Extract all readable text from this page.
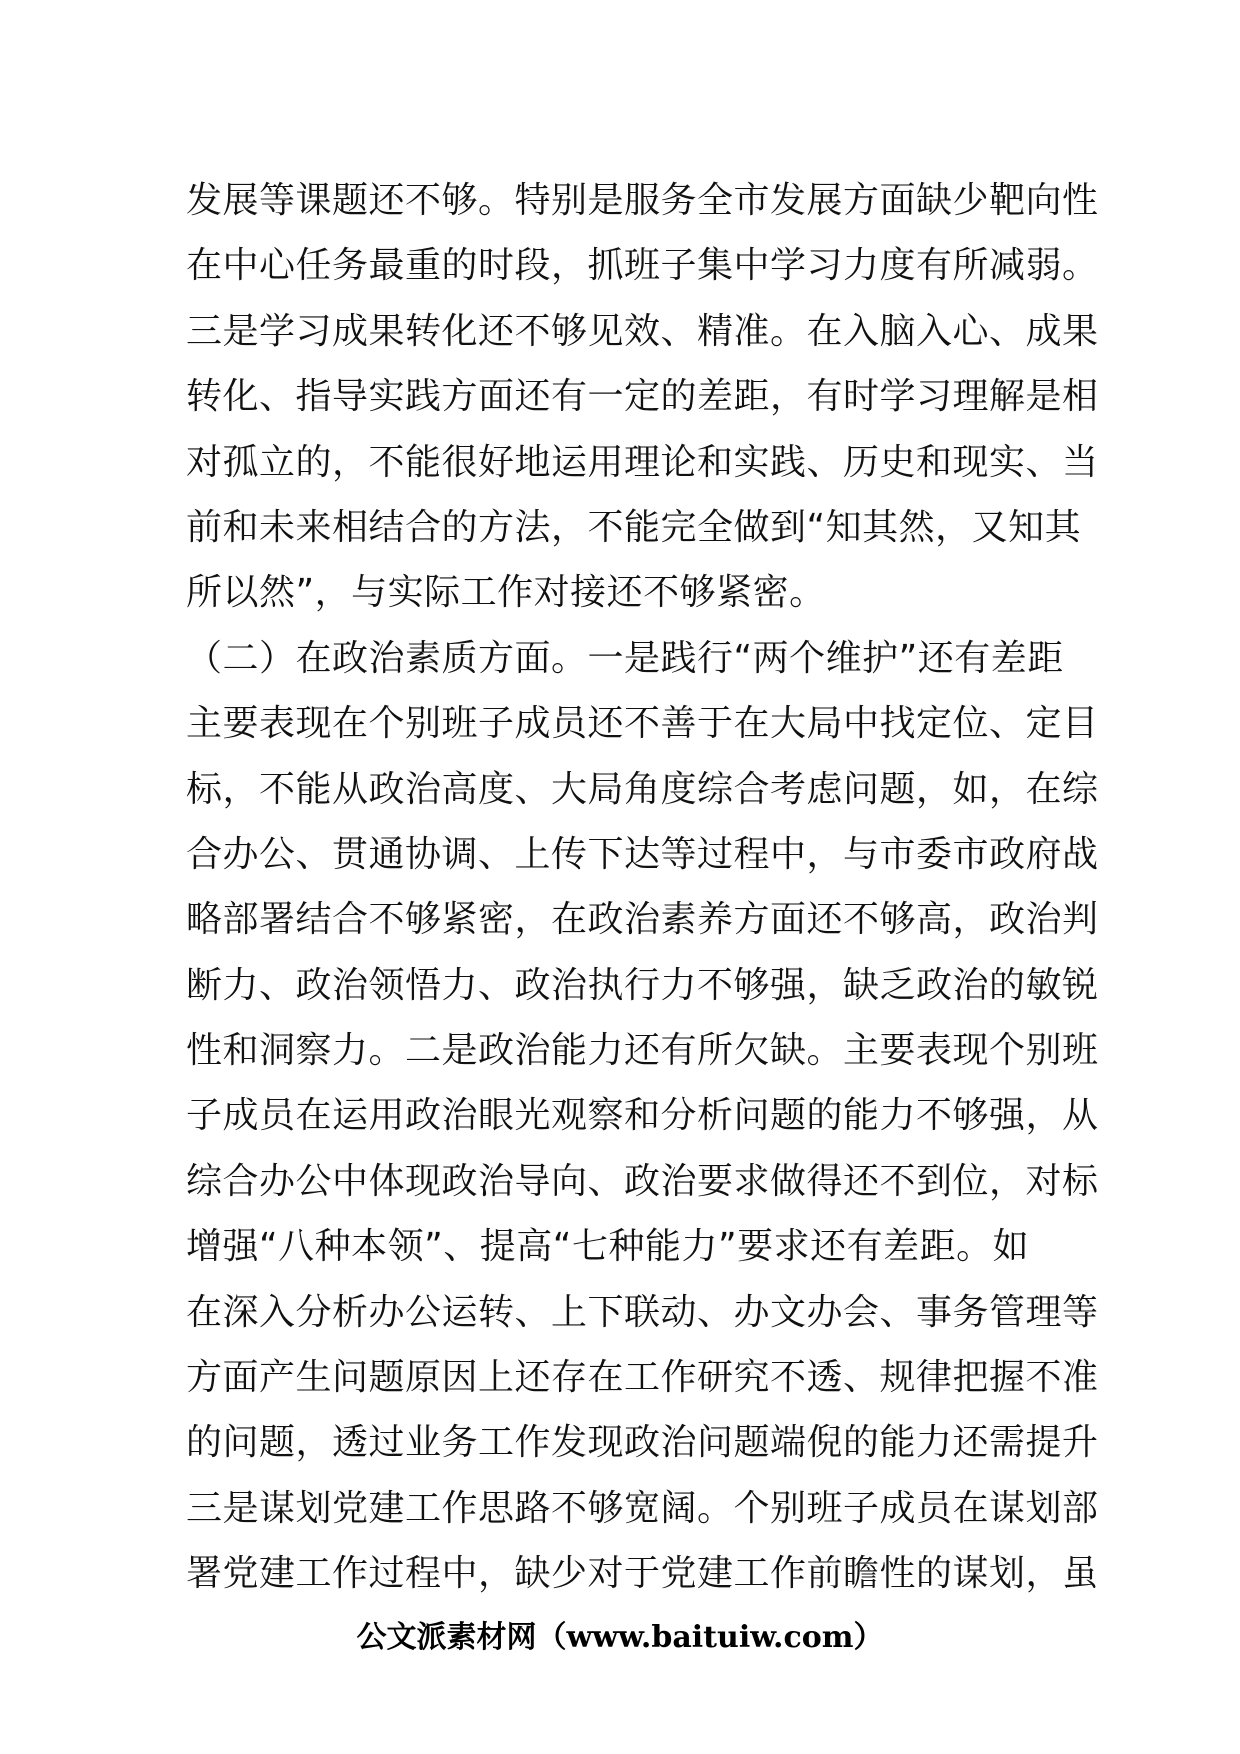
发展等课题还不够。特别是服务全市发展方面缺少靶向性
在中心任务最重的时段，抓班子集中学习力度有所减弱。
三是学习成果转化还不够见效、精准。在入脑入心、成果
转化、指导实践方面还有一定的差距，有时学习理解是相
对孤立的，不能很好地运用理论和实践、历史和现实、当
前和未来相结合的方法，不能完全做到“知其然，又知其
所以然”，与实际工作对接还不够紧密。
（二）在政治素质方面。一是践行“两个维护”还有差距
主要表现在个别班子成员还不善于在大局中找定位、定目
标，不能从政治高度、大局角度综合考虑问题，如，在综
合办公、贯通协调、上传下达等过程中，与市委市政府战
略部署结合不够紧密，在政治素养方面还不够高，政治判
断力、政治领悟力、政治执行力不够强，缺乏政治的敏锐
性和洞察力。二是政治能力还有所欠缺。主要表现个别班
子成员在运用政治眼光观察和分析问题的能力不够强，从
综合办公中体现政治导向、政治要求做得还不到位，对标
增强“八种本领”、提高“七种能力”要求还有差距。如
在深入分析办公运转、上下联动、办文办会、事务管理等
方面产生问题原因上还存在工作研究不透、规律把握不准
的问题，透过业务工作发现政治问题端倪的能力还需提升
三是谋划党建工作思路不够宽阔。个别班子成员在谋划部
署党建工作过程中，缺少对于党建工作前瞻性的谋划，虽
公文派素材网（www.baituiw.com）
